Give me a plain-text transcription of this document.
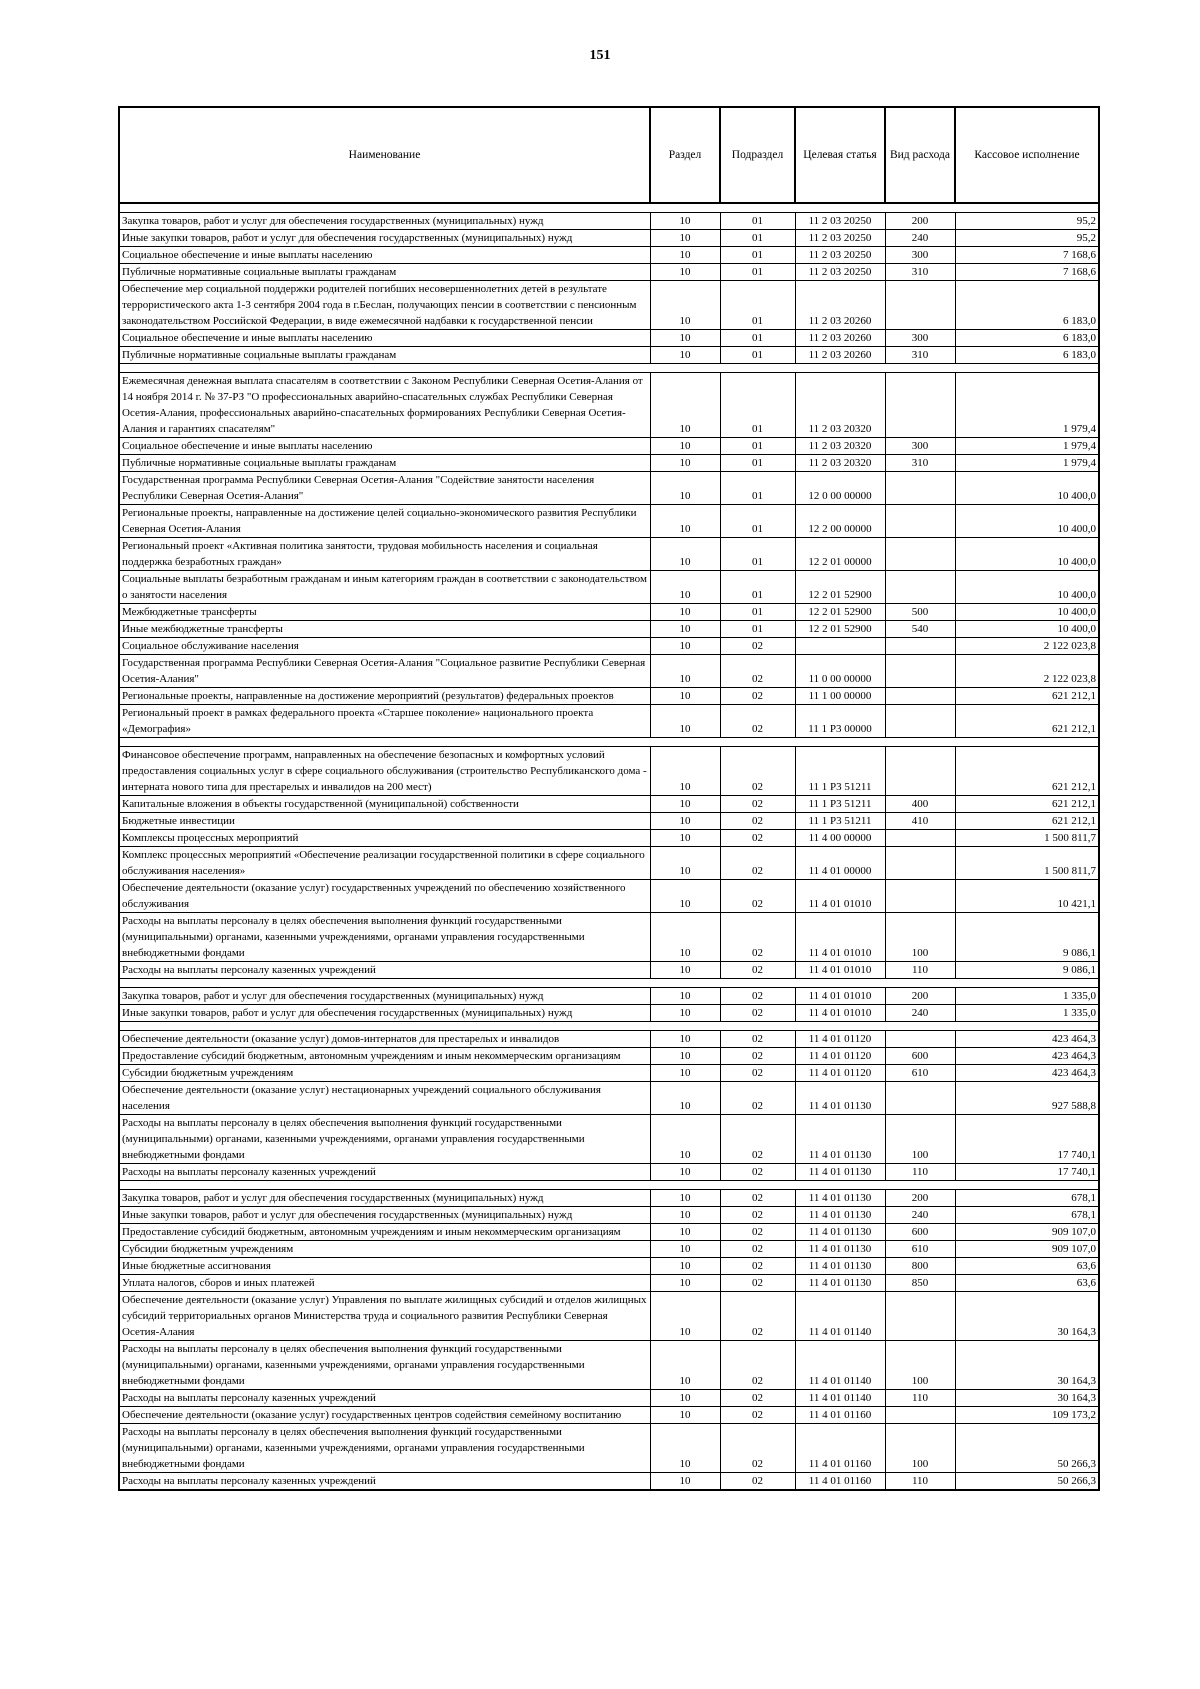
151
Наименование	Раздел	Подраздел	Целевая статья	Вид расхода	Кассовое исполнение

Закупка товаров, работ и услуг для обеспечения государственных (муниципальных) нужд	10	01	11 2 03 20250	200	95,2
Иные закупки товаров, работ и услуг для обеспечения государственных (муниципальных) нужд	10	01	11 2 03 20250	240	95,2
Социальное обеспечение и иные выплаты населению	10	01	11 2 03 20250	300	7 168,6
Публичные нормативные социальные выплаты гражданам	10	01	11 2 03 20250	310	7 168,6
Обеспечение мер социальной поддержки родителей погибших несовершеннолетних детей в результате террористического акта 1-3 сентября 2004 года в г.Беслан, получающих пенсии в соответствии с пенсионным законодательством Российской Федерации, в виде ежемесячной надбавки к государственной пенсии	10	01	11 2 03 20260		6 183,0
Социальное обеспечение и иные выплаты населению	10	01	11 2 03 20260	300	6 183,0
Публичные нормативные социальные выплаты гражданам	10	01	11 2 03 20260	310	6 183,0

Ежемесячная денежная выплата спасателям в соответствии с Законом Республики Северная Осетия-Алания от 14 ноября 2014 г. № 37-РЗ "О профессиональных аварийно-спасательных службах Республики Северная Осетия-Алания, профессиональных аварийно-спасательных формированиях Республики Северная Осетия-Алания и гарантиях спасателям"	10	01	11 2 03 20320		1 979,4
Социальное обеспечение и иные выплаты населению	10	01	11 2 03 20320	300	1 979,4
Публичные нормативные социальные выплаты гражданам	10	01	11 2 03 20320	310	1 979,4
Государственная программа Республики Северная Осетия-Алания "Содействие занятости населения Республики Северная Осетия-Алания"	10	01	12 0 00 00000		10 400,0
Региональные проекты, направленные на достижение целей социально-экономического развития Республики Северная Осетия-Алания	10	01	12 2 00 00000		10 400,0
Региональный проект «Активная политика занятости, трудовая мобильность населения и социальная поддержка безработных граждан»	10	01	12 2 01 00000		10 400,0
Социальные выплаты безработным гражданам и иным категориям граждан в соответствии с законодательством о занятости населения	10	01	12 2 01 52900		10 400,0
Межбюджетные трансферты	10	01	12 2 01 52900	500	10 400,0
Иные межбюджетные трансферты	10	01	12 2 01 52900	540	10 400,0
Социальное обслуживание населения	10	02			2 122 023,8
Государственная программа Республики Северная Осетия-Алания "Социальное развитие Республики Северная Осетия-Алания"	10	02	11 0 00 00000		2 122 023,8
Региональные проекты, направленные на достижение мероприятий (результатов) федеральных проектов	10	02	11 1 00 00000		621 212,1
Региональный проект в рамках федерального проекта «Старшее поколение» национального проекта «Демография»	10	02	11 1 P3 00000		621 212,1

Финансовое обеспечение программ, направленных на обеспечение безопасных и комфортных условий предоставления социальных услуг в сфере социального обслуживания (строительство Республиканского дома - интерната нового типа для престарелых и инвалидов на 200 мест)	10	02	11 1 P3 51211		621 212,1
Капитальные вложения в объекты государственной (муниципальной) собственности	10	02	11 1 P3 51211	400	621 212,1
Бюджетные инвестиции	10	02	11 1 P3 51211	410	621 212,1
Комплексы процессных мероприятий	10	02	11 4 00 00000		1 500 811,7
Комплекс процессных мероприятий «Обеспечение реализации государственной политики в сфере социального обслуживания населения»	10	02	11 4 01 00000		1 500 811,7
Обеспечение деятельности (оказание услуг) государственных учреждений по обеспечению хозяйственного обслуживания	10	02	11 4 01 01010		10 421,1
Расходы на выплаты персоналу в целях обеспечения выполнения функций государственными (муниципальными) органами, казенными учреждениями, органами управления государственными внебюджетными фондами	10	02	11 4 01 01010	100	9 086,1
Расходы на выплаты персоналу казенных учреждений	10	02	11 4 01 01010	110	9 086,1

Закупка товаров, работ и услуг для обеспечения государственных (муниципальных) нужд	10	02	11 4 01 01010	200	1 335,0
Иные закупки товаров, работ и услуг для обеспечения государственных (муниципальных) нужд	10	02	11 4 01 01010	240	1 335,0

Обеспечение деятельности (оказание услуг) домов-интернатов для престарелых и инвалидов	10	02	11 4 01 01120		423 464,3
Предоставление субсидий бюджетным, автономным учреждениям и иным некоммерческим организациям	10	02	11 4 01 01120	600	423 464,3
Субсидии бюджетным учреждениям	10	02	11 4 01 01120	610	423 464,3
Обеспечение деятельности (оказание услуг) нестационарных учреждений социального обслуживания населения	10	02	11 4 01 01130		927 588,8
Расходы на выплаты персоналу в целях обеспечения выполнения функций государственными (муниципальными) органами, казенными учреждениями, органами управления государственными внебюджетными фондами	10	02	11 4 01 01130	100	17 740,1
Расходы на выплаты персоналу казенных учреждений	10	02	11 4 01 01130	110	17 740,1

Закупка товаров, работ и услуг для обеспечения государственных (муниципальных) нужд	10	02	11 4 01 01130	200	678,1
Иные закупки товаров, работ и услуг для обеспечения государственных (муниципальных) нужд	10	02	11 4 01 01130	240	678,1
Предоставление субсидий бюджетным, автономным учреждениям и иным некоммерческим организациям	10	02	11 4 01 01130	600	909 107,0
Субсидии бюджетным учреждениям	10	02	11 4 01 01130	610	909 107,0
Иные бюджетные ассигнования	10	02	11 4 01 01130	800	63,6
Уплата налогов, сборов и иных платежей	10	02	11 4 01 01130	850	63,6
Обеспечение деятельности (оказание услуг) Управления по выплате жилищных субсидий и отделов жилищных субсидий территориальных органов Министерства труда и социального развития Республики Северная Осетия-Алания	10	02	11 4 01 01140		30 164,3
Расходы на выплаты персоналу в целях обеспечения выполнения функций государственными (муниципальными) органами, казенными учреждениями, органами управления государственными внебюджетными фондами	10	02	11 4 01 01140	100	30 164,3
Расходы на выплаты персоналу казенных учреждений	10	02	11 4 01 01140	110	30 164,3
Обеспечение деятельности (оказание услуг) государственных центров содействия семейному воспитанию	10	02	11 4 01 01160		109 173,2
Расходы на выплаты персоналу в целях обеспечения выполнения функций государственными (муниципальными) органами, казенными учреждениями, органами управления государственными внебюджетными фондами	10	02	11 4 01 01160	100	50 266,3
Расходы на выплаты персоналу казенных учреждений	10	02	11 4 01 01160	110	50 266,3
